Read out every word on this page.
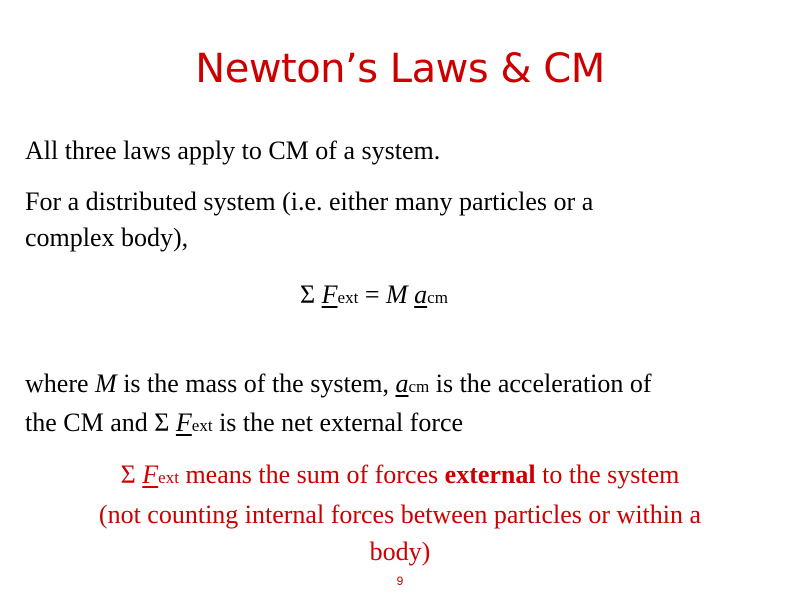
Newton’s Laws & CM
All three laws apply to CM of a system.
For a distributed system (i.e. either many particles or a
complex body),
Σ Fext = M acm
where M is the mass of the system, acm is the acceleration of
the CM and Σ Fext is the net external force
Σ Fext means the sum of forces external to the system
(not counting internal forces between particles or within a
body)
9
